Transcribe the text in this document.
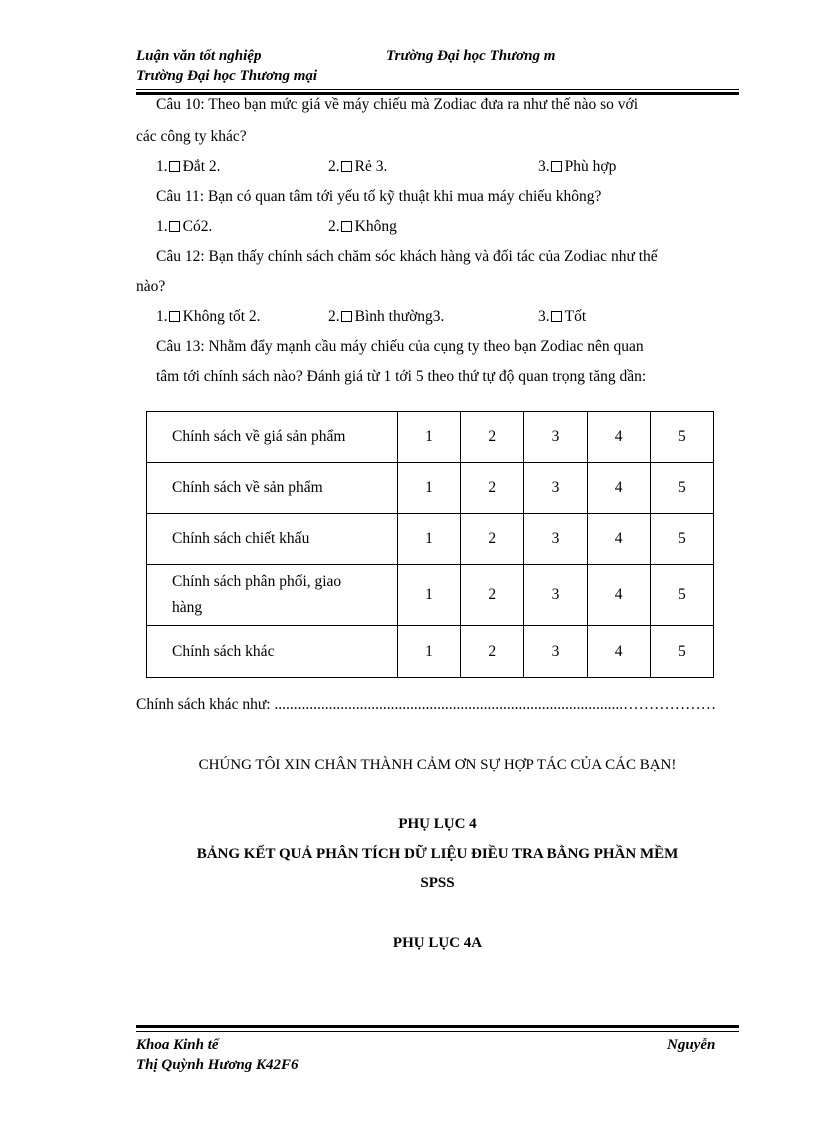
Luận văn tốt nghiệp	Trường Đại học Thương m
Trường Đại học Thương mại
Câu 10: Theo bạn mức giá về máy chiếu mà Zodiac đưa ra như thế nào so với
các công ty khác?
1. Đắt 2.	2. Rẻ 3.	3. Phù hợp
Câu 11: Bạn có quan tâm tới yếu tố kỹ thuật khi mua máy chiếu không?
1. Có2.	2. Không
Câu 12: Bạn thấy chính sách chăm sóc khách hàng và đối tác của Zodiac như thế
nào?
1. Không tốt 2.	2. Bình thường3.	3. Tốt
Câu 13: Nhằm đẩy mạnh cầu máy chiếu của cụng ty theo bạn Zodiac nên quan
tâm tới chính sách nào? Đánh giá từ 1 tới 5 theo thứ tự độ quan trọng tăng dần:
Chính sách về giá sản phẩm	1	2	3	4	5
Chính sách về sản phẩm	1	2	3	4	5
Chính sách chiết khấu	1	2	3	4	5
Chính sách phân phối, giao hàng	1	2	3	4	5
Chính sách khác	1	2	3	4	5
Chính sách khác như: ..........................................................................................………………
CHÚNG TÔI XIN CHÂN THÀNH CẢM ƠN SỰ HỢP TÁC CỦA CÁC BẠN!
PHỤ LỤC 4
BẢNG KẾT QUẢ PHÂN TÍCH DỮ LIỆU ĐIỀU TRA BẰNG PHẦN MỀM
SPSS
PHỤ LỤC 4A
Khoa Kinh tế	Nguyễn
Thị Quỳnh Hương K42F6
